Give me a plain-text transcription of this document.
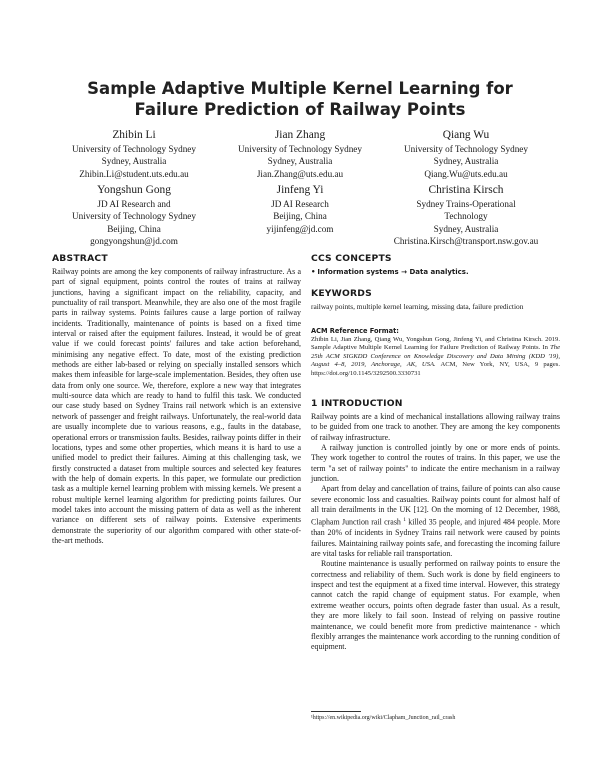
Sample Adaptive Multiple Kernel Learning for Failure Prediction of Railway Points
Zhibin Li
University of Technology Sydney
Sydney, Australia
Zhibin.Li@student.uts.edu.au
Jian Zhang
University of Technology Sydney
Sydney, Australia
Jian.Zhang@uts.edu.au
Qiang Wu
University of Technology Sydney
Sydney, Australia
Qiang.Wu@uts.edu.au
Yongshun Gong
JD AI Research and
University of Technology Sydney
Beijing, China
gongyongshun@jd.com
Jinfeng Yi
JD AI Research
Beijing, China
yijinfeng@jd.com
Christina Kirsch
Sydney Trains-Operational
Technology
Sydney, Australia
Christina.Kirsch@transport.nsw.gov.au
ABSTRACT

Railway points are among the key components of railway infrastructure. As a part of signal equipment, points control the routes of trains at railway junctions, having a significant impact on the reliability, capacity, and punctuality of rail transport. Meanwhile, they are also one of the most fragile parts in railway systems. Points failures cause a large portion of railway incidents. Traditionally, maintenance of points is based on a fixed time interval or raised after the equipment failures. Instead, it would be of great value if we could forecast points' failures and take action beforehand, minimising any negative effect. To date, most of the existing prediction methods are either lab-based or relying on specially installed sensors which makes them infeasible for large-scale implementation. Besides, they often use data from only one source. We, therefore, explore a new way that integrates multi-source data which are ready to hand to fulfil this task. We conducted our case study based on Sydney Trains rail network which is an extensive network of passenger and freight railways. Unfortunately, the real-world data are usually incomplete due to various reasons, e.g., faults in the database, operational errors or transmission faults. Besides, railway points differ in their locations, types and some other properties, which means it is hard to use a unified model to predict their failures. Aiming at this challenging task, we firstly constructed a dataset from multiple sources and selected key features with the help of domain experts. In this paper, we formulate our prediction task as a multiple kernel learning problem with missing kernels. We present a robust multiple kernel learning algorithm for predicting points failures. Our model takes into account the missing pattern of data as well as the inherent variance on different sets of railway points. Extensive experiments demonstrate the superiority of our algorithm compared with other state-of-the-art methods.

CCS CONCEPTS
• Information systems → Data analytics.
KEYWORDS
railway points, multiple kernel learning, missing data, failure prediction

ACM Reference Format:

Zhibin Li, Jian Zhang, Qiang Wu, Yongshun Gong, Jinfeng Yi, and Christina Kirsch. 2019. Sample Adaptive Multiple Kernel Learning for Failure Prediction of Railway Points. In The 25th ACM SIGKDD Conference on Knowledge Discovery and Data Mining (KDD '19), August 4–8, 2019, Anchorage, AK, USA. ACM, New York, NY, USA, 9 pages. https://doi.org/10.1145/3292500.3330731

1 INTRODUCTION

Railway points are a kind of mechanical installations allowing railway trains to be guided from one track to another. They are among the key components of railway infrastructure.

A railway junction is controlled jointly by one or more ends of points. They work together to control the routes of trains. In this paper, we use the term "a set of railway points" to indicate the entire mechanism in a railway junction.

Apart from delay and cancellation of trains, failure of points can also cause severe economic loss and casualties. Railway points count for almost half of all train derailments in the UK [12]. On the morning of 12 December, 1988, Clapham Junction rail crash $^1$ killed 35 people, and injured 484 people. More than 20% of incidents in Sydney Trains rail network were caused by points failures. Maintaining railway points safe, and forecasting the incoming failure are vital tasks for reliable rail transportation.

Routine maintenance is usually performed on railway points to ensure the correctness and reliability of them. Such work is done by field engineers to inspect and test the equipment at a fixed time interval. However, this strategy cannot catch the rapid change of equipment status. For example, when extreme weather occurs, points often degrade faster than usual. As a result, they are more likely to fail soon. Instead of relying on passive routine maintenance, we could benefit more from predictive maintenance - which flexibly arranges the maintenance work according to the running condition of equipment.

¹https://en.wikipedia.org/wiki/Clapham_Junction_rail_crash
